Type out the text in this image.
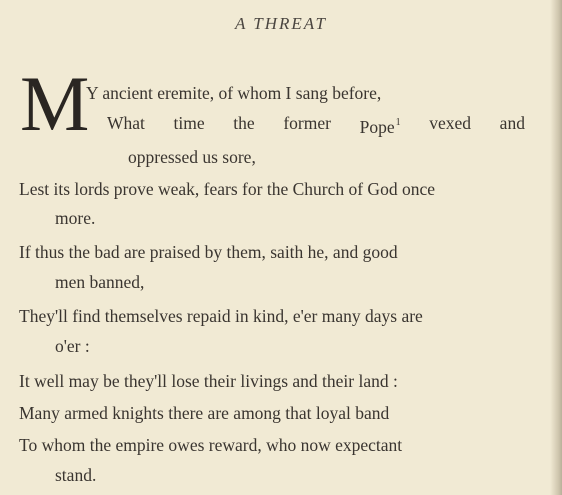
A THREAT
M
Y ancient eremite, of whom I sang before,
What time the former Pope$^1$ vexed and
oppressed us sore,
Lest its lords prove weak, fears for the Church of God once
more.
If thus the bad are praised by them, saith he, and good
men banned,
They'll find themselves repaid in kind, e'er many days are
o'er :
It well may be they'll lose their livings and their land :
Many armed knights there are among that loyal band
To whom the empire owes reward, who now expectant
stand.
